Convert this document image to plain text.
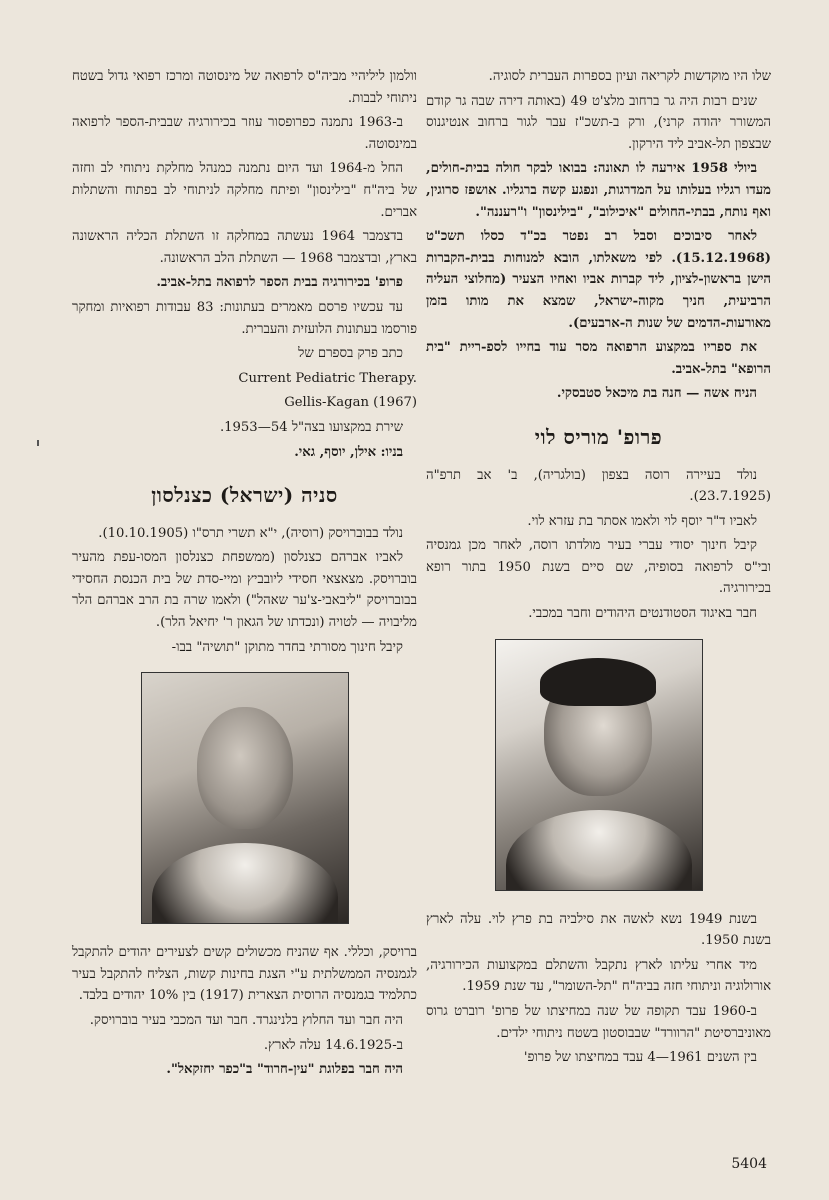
שלו היו מוקדשות לקריאה ועיון בספרות העברית לסוגיה.

שנים רבות היה גר ברחוב מלצ'ט 49 (באותה דירה שבה גר קודם המשורר יהודה קרני), ורק ב-תשכ"ז עבר לגור ברחוב אנטיגנוס שבצפון תל-אביב ליד הירקון.

ביולי 1958 אירעה לו תאונה: בבואו לבקר חולה בבית-חולים, מעדו רגליו בעלותו על המדרגות, ונפגע קשה ברגליו. אושפז סרוגין, ואף נותח, בבתי-החולים "איכילוב", "בילינסון" ו"רעננה".

לאחר סיבוכים וסבל רב נפטר בכ"ד כסלו תשכ"ט (15.12.1968). לפי משאלתו, הובא למנוחות בבית-הקברות הישן בראשון-לציון, ליד קברות אביו ואחיו הצעיר (מחלוצי העליה הרביעית, חניך מקוה-ישראל, שמצא את מותו בזמן מאורעות-הדמים של שנות ה-ארבעים).

את ספריו במקצוע הרפואה מסר עוד בחייו לספ-ריית "בית הרופא" בתל-אביב.

הניח אשה — חנה בת מיכאל סטבסקי.

פרופ' מוריס לוי

נולד בעיירה רוסה בצפון (בולגריה), ב' אב תרפ"ה (23.7.1925).

לאביו ד"ר יוסף לוי ולאמו אסתר בת עזרא לוי.

קיבל חינוך יסודי עברי בעיר מולדתו רוסה, לאחר מכן גמנסיה ובי"ס לרפואה בסופיה, שם סיים בשנת 1950 בתור רופא בכירורגיה.

חבר באיגוד הסטודנטים היהודים וחבר במכבי.

בשנת 1949 נשא לאשה את סילביה בת פרץ לוי. עלה לארץ בשנת 1950.

מיד אחרי עליתו לארץ נתקבל והשתלם במקצועות הכירורגיה, אורולוגיה וניתוחי חזה בביה"ח "תל-השומר", עד שנת 1959.

ב-1960 עבד תקופה של שנה במחיצתו של פרופ' רוברט גרוס מאוניברסיטת "הרוורד" שבבוסטון בשטח ניתוחי ילדים.

בין השנים 1961—4 עבד במחיצתו של פרופ'

וולמון ליליהיי מביה"ס לרפואה של מינסוטה ומרכז רפואי גדול בשטח ניתוחי לבבות.

ב-1963 נתמנה כפרופסור עוזר בכירורגיה שבבית-הספר לרפואה במינסוטה.

החל מ-1964 ועד היום נתמנה כמנהל מחלקת ניתוחי לב וחזה של ביה"ח "בילינסון" ופיתח מחלקה לניתוחי לב בפתוח והשתלות אברים.

בדצמבר 1964 נעשתה במחלקה זו השתלת הכליה הראשונה בארץ, ובדצמבר 1968 — השתלת הלב הראשונה.

פרופ' בכירורגיה בבית הספר לרפואה בתל-אביב.

עד עכשיו פרסם מאמרים בעתונות: 83 עבודות רפואיות ומחקר פורסמו בעתונות הלועזית והעברית.

כתב פרק בספרם של

Current Pediatric Therapy.

Gellis-Kagan (1967)

שירת במקצועו בצה"ל 54—1953.

בניו: אילן, יוסף, גאי.

סניה (ישראל) כצנלסון

נולד בבוברויסק (רוסיה), י"א תשרי תרס"ו (10.10.1905).

לאביו אברהם כצנלסון (ממשפחת כצנלסון המסו-עפת מהעיר בוברויסק. מצאצאי חסידי ליובביץ ומיי-סדת של בית הכנסת החסידי בבוברויסק "ליבאבי-צ'ער שאהל") ולאמו שרה בת הרב אברהם הלר מליבויה — לטויה (ונכדתו של הגאון ר' יחיאל הלר).

קיבל חינוך מסורתי בחדר מתוקן "תושיה" בבו-

ברויסק, וכללי. אף שהניח מכשולים קשים לצעירים יהודים להתקבל לגמנסיה הממשלתית ע"י הצגת בחינות קשות, הצליח להתקבל בעיר כתלמיד בגמנסיה הרוסית הצארית (1917) בין 10% יהודים בלבד.

היה חבר ועד החלוץ בלנינגרד. חבר ועד המכבי בעיר בוברויסק.

ב-14.6.1925 עלה לארץ.

היה חבר בפלוגת "עין-חרוד" ב"כפר יחזקאל".

5404
